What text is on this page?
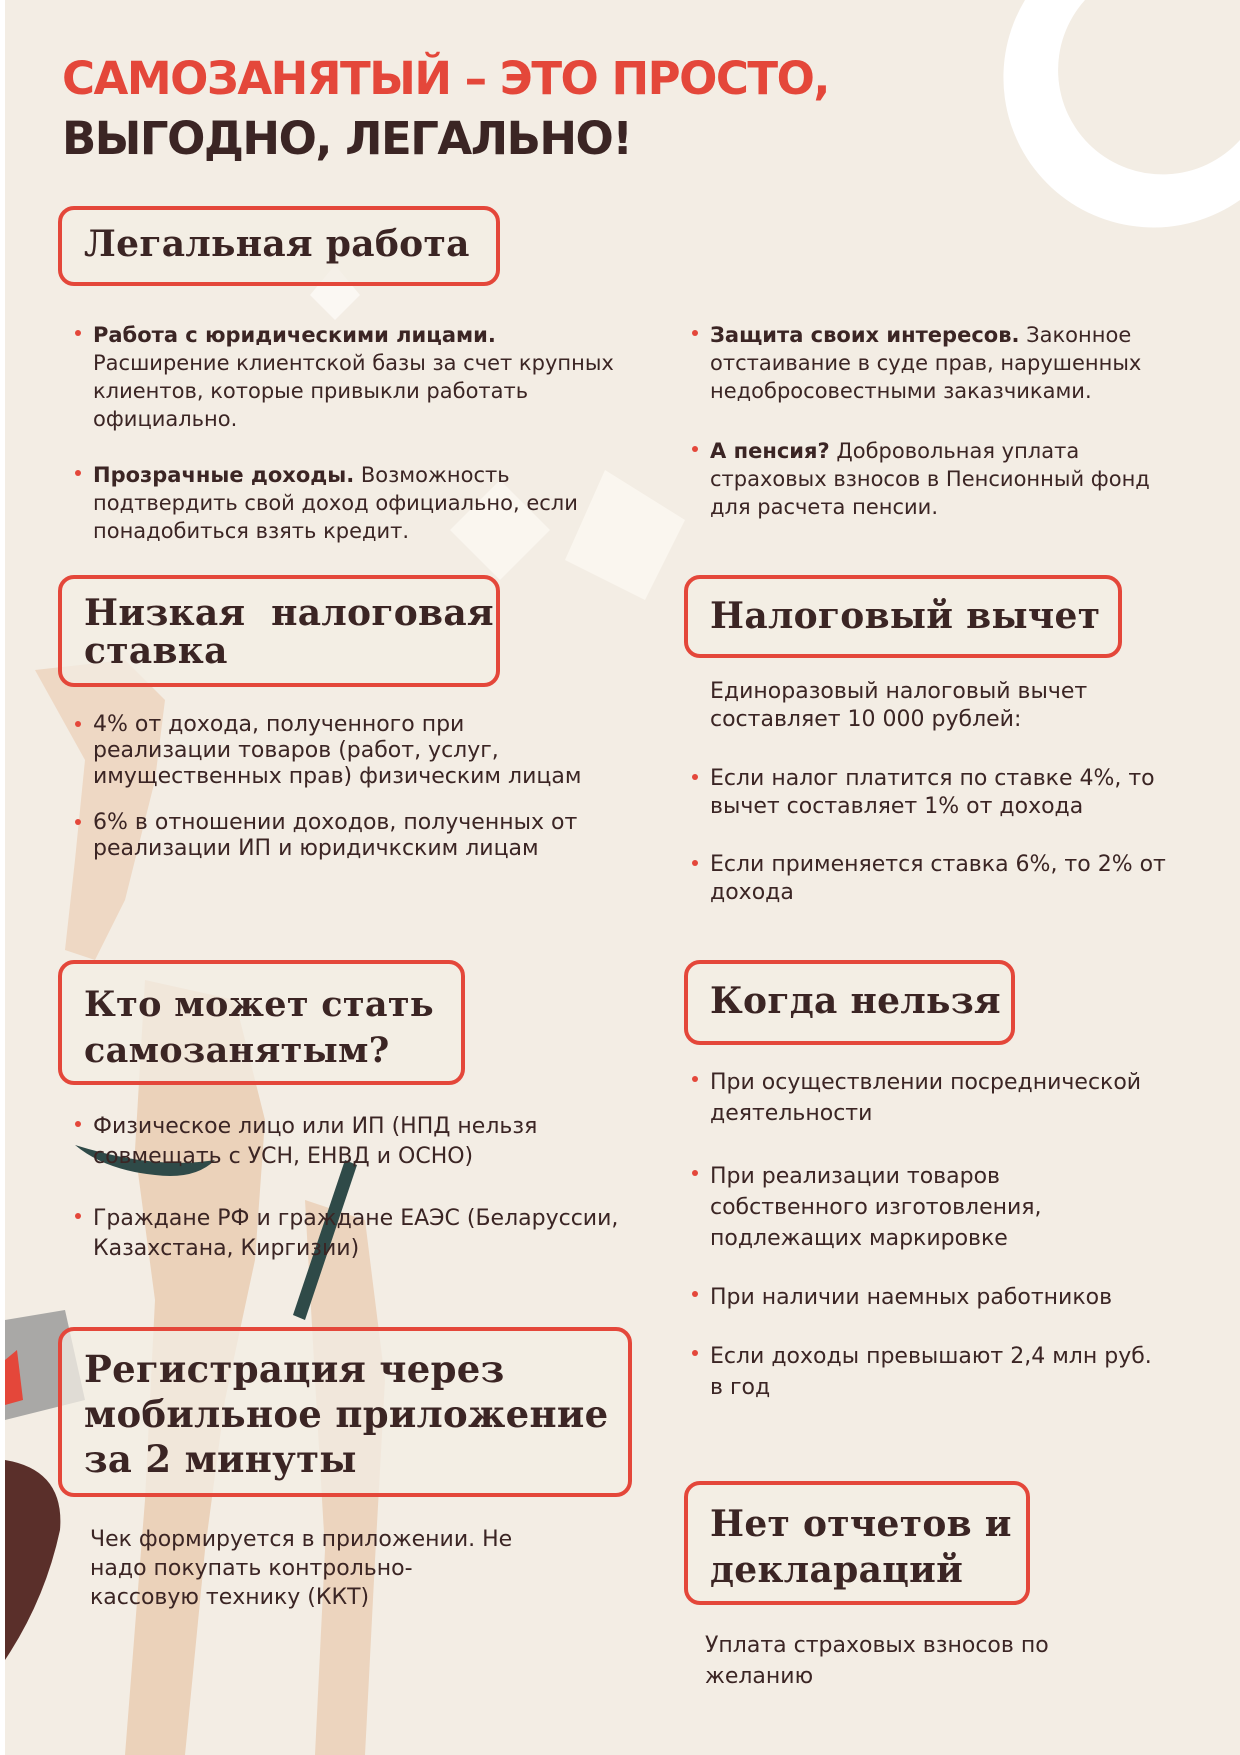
САМОЗАНЯТЫЙ – ЭТО ПРОСТО,
ВЫГОДНО, ЛЕГАЛЬНО!
Легальная работа
Работа с юридическими лицами. Расширение клиентской базы за счет крупных клиентов, которые привыкли работать официально.
Прозрачные доходы. Возможность подтвердить свой доход официально, если понадобиться взять кредит.
Защита своих интересов. Законное отстаивание в суде прав, нарушенных недобросовестными заказчиками.
А пенсия? Добровольная уплата страховых взносов в Пенсионный фонд для расчета пенсии.
Низкая  налоговая
ставка
4% от дохода, полученного при реализации товаров (работ, услуг, имущественных прав) физическим лицам
6% в отношении доходов, полученных от реализации ИП и юридичкским лицам
Налоговый вычет

Единоразовый налоговый вычет составляет 10 000 рублей:

Если налог платится по ставке 4%, то вычет составляет 1% от дохода
Если применяется ставка 6%, то 2% от дохода
Кто может стать
самозанятым?
Физическое лицо или ИП (НПД нельзя совмещать с УСН, ЕНВД и ОСНО)
Граждане РФ и граждане ЕАЭС (Беларуссии, Казахстана, Киргизии)
Когда нельзя
При осуществлении посреднической деятельности
При реализации товаров собственного изготовления, подлежащих маркировке
При наличии наемных работников
Если доходы превышают 2,4 млн руб. в год
Регистрация через
мобильное приложение
за 2 минуты

Чек формируется в приложении. Не надо покупать контрольно-кассовую технику (ККТ)

Нет отчетов и
деклараций

Уплата страховых взносов по желанию
